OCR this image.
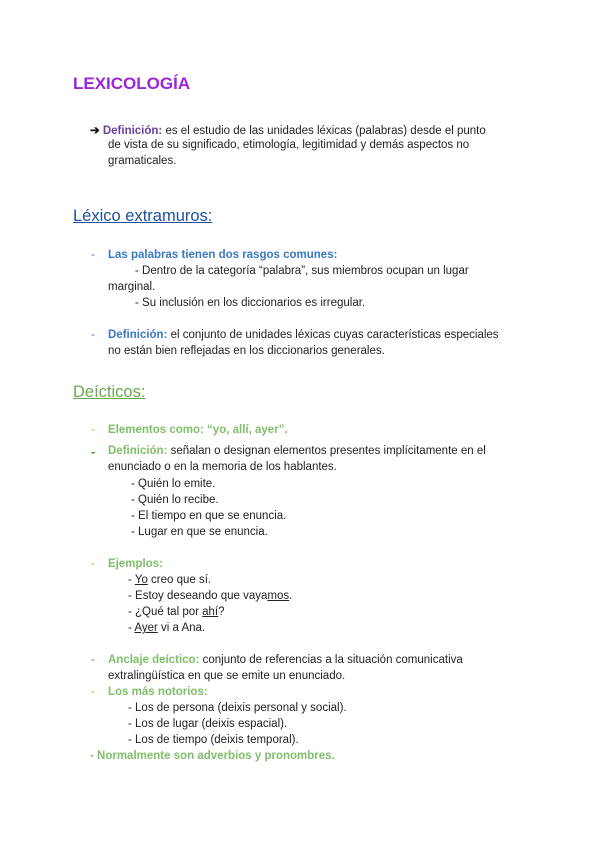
LEXICOLOGÍA
➔ Definición: es el estudio de las unidades léxicas (palabras) desde el punto
de vista de su significado, etimología, legitimidad y demás aspectos no
gramaticales.
Léxico extramuros:
- Las palabras tienen dos rasgos comunes:
- Dentro de la categoría “palabra”, sus miembros ocupan un lugar
marginal.
- Su inclusión en los diccionarios es irregular.
- Definición: el conjunto de unidades léxicas cuyas características especiales
no están bien reflejadas en los diccionarios generales.
Deícticos:
- Elementos como: “yo, allí, ayer”.
- Definición: señalan o designan elementos presentes implícitamente en el
enunciado o en la memoria de los hablantes.
- Quién lo emite.
- Quién lo recibe.
- El tiempo en que se enuncia.
- Lugar en que se enuncia.
- Ejemplos:
- Yo creo que sí.
- Estoy deseando que vayamos.
- ¿Qué tal por ahí?
- Ayer vi a Ana.
- Anclaje deíctico: conjunto de referencias a la situación comunicativa
extralingüística en que se emite un enunciado.
- Los más notorios:
- Los de persona (deixis personal y social).
- Los de lugar (deixis espacial).
- Los de tiempo (deixis temporal).
- Normalmente son adverbios y pronombres.
